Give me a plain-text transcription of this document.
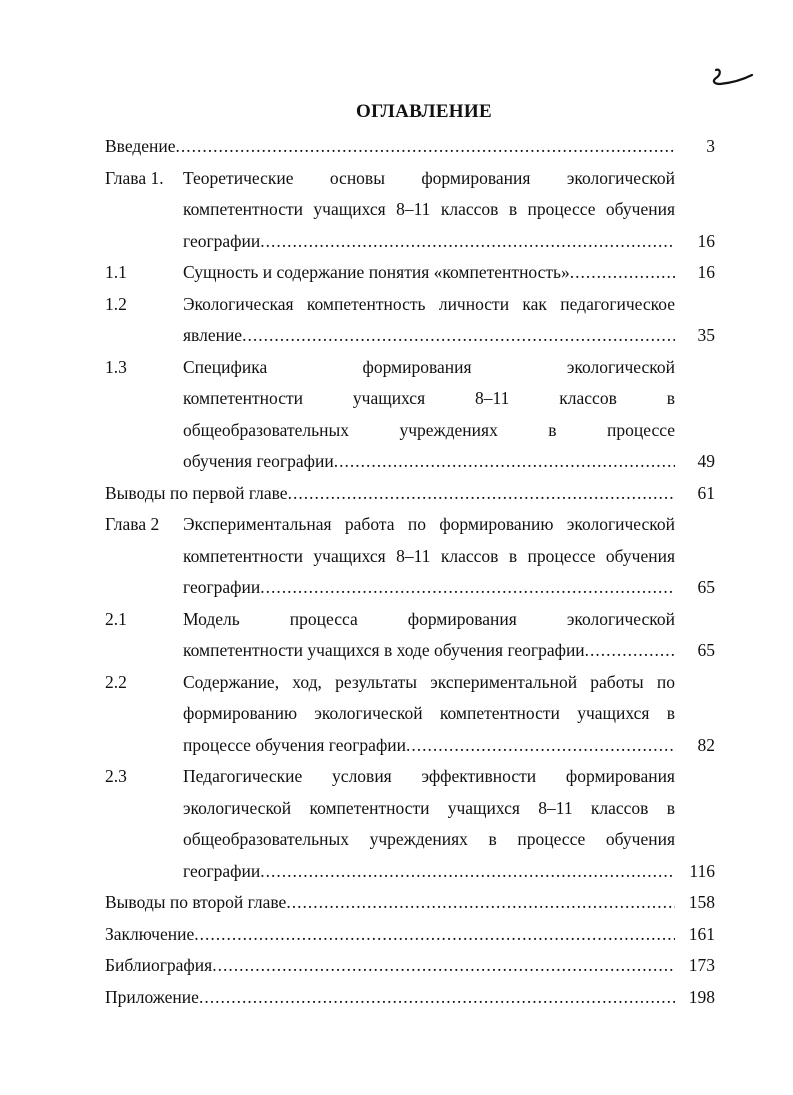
ОГЛАВЛЕНИЕ
Введение .....	3
Глава 1. Теоретические основы формирования экологической
компетентности учащихся 8–11 классов в процессе обучения
географии .....	16
1.1	Сущность и содержание понятия «компетентность» .....	16
1.2	Экологическая компетентность личности как педагогическое
явление .....	35
1.3	Специфика формирования экологической
компетентности учащихся 8–11 классов в
общеобразовательных учреждениях в процессе
обучения географии .....	49
Выводы по первой главе .....	61
Глава 2 Экспериментальная работа по формированию экологической
компетентности учащихся 8–11 классов в процессе обучения
географии .....	65
2.1	Модель процесса формирования экологической
компетентности учащихся в ходе обучения географии .....	65
2.2	Содержание, ход, результаты экспериментальной работы по
формированию экологической компетентности учащихся в
процессе обучения географии .....	82
2.3	Педагогические условия эффективности формирования
экологической компетентности учащихся 8–11 классов в
общеобразовательных учреждениях в процессе обучения
географии .....	116
Выводы по второй главе .....	158
Заключение .....	161
Библиография .....	173
Приложение .....	198
